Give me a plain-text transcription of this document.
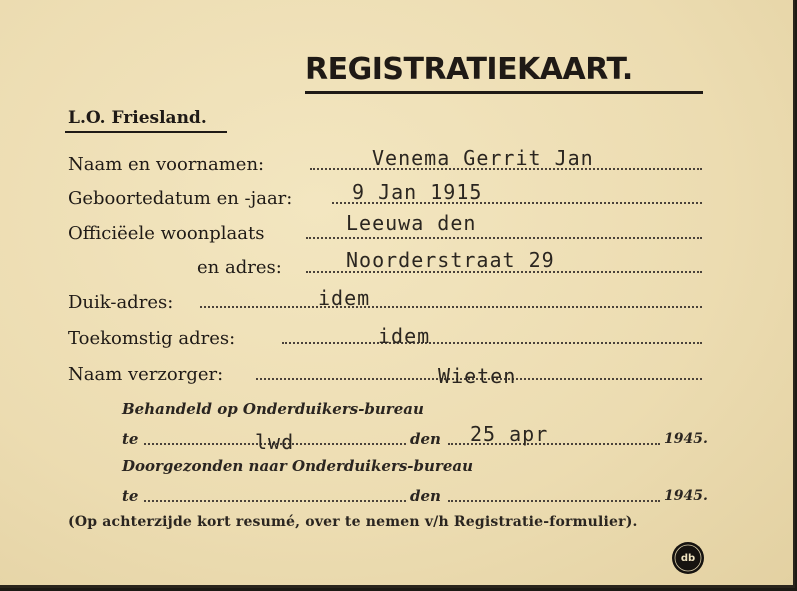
REGISTRATIEKAART.
L.O. Friesland.
Naam en voornamen:	Venema Gerrit Jan
Geboortedatum en -jaar:	9 Jan 1915
Officiëele woonplaats	Leeuwa den
en adres:	Noorderstraat 29
Duik-adres:	idem
Toekomstig adres:	idem
Naam verzorger:	Wieten
Behandeld op Onderduikers-bureau
te	lwd	den 25 apr	1945.
Doorgezonden naar Onderduikers-bureau
te	den	1945.
(Op achterzijde kort resumé, over te nemen v/h Registratie-formulier).
db
